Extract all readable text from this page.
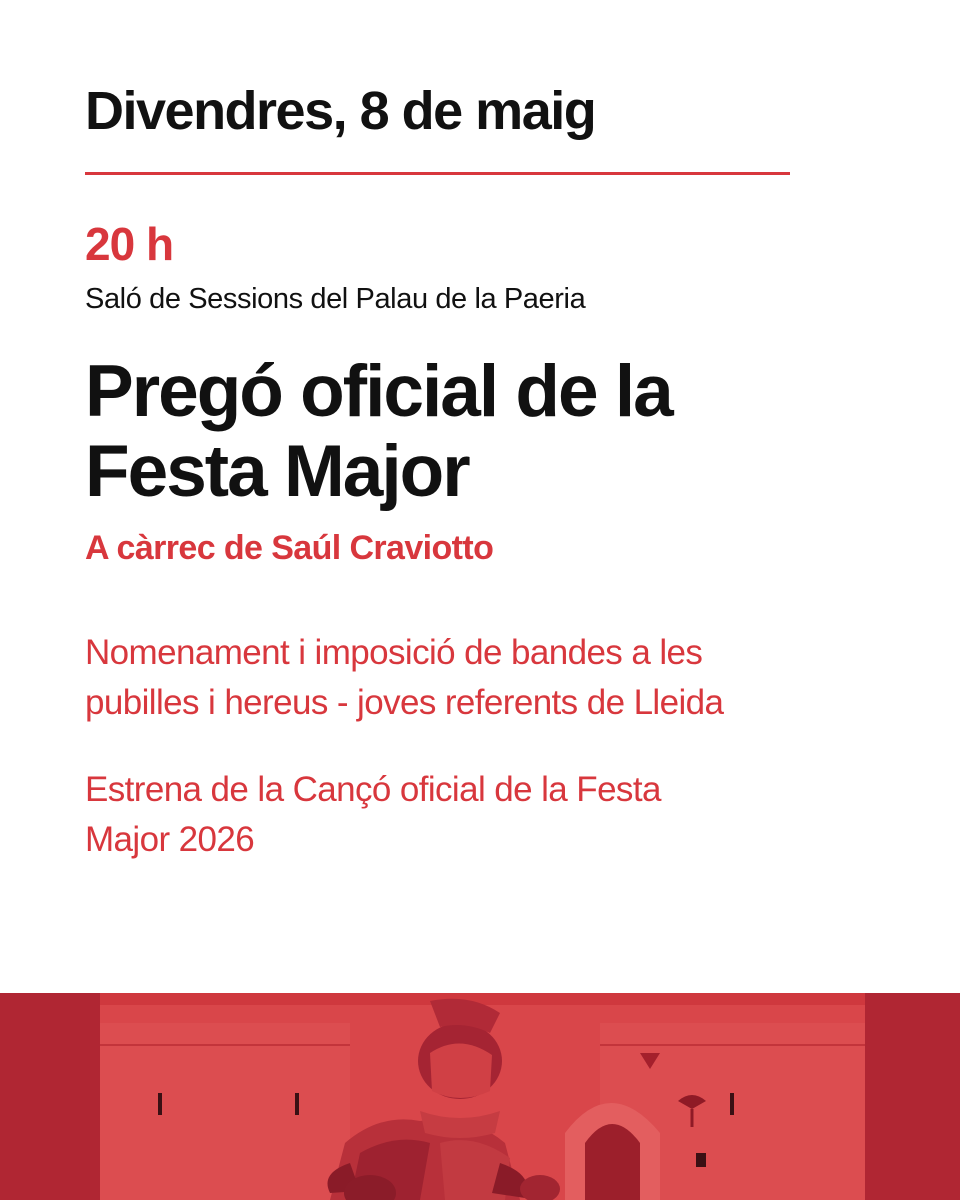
Divendres, 8 de maig
20 h
Saló de Sessions del Palau de la Paeria
Pregó oficial de la
Festa Major
A càrrec de Saúl Craviotto

Nomenament i imposició de bandes a les
pubilles i hereus - joves referents de Lleida

Estrena de la Cançó oficial de la Festa
Major 2026
